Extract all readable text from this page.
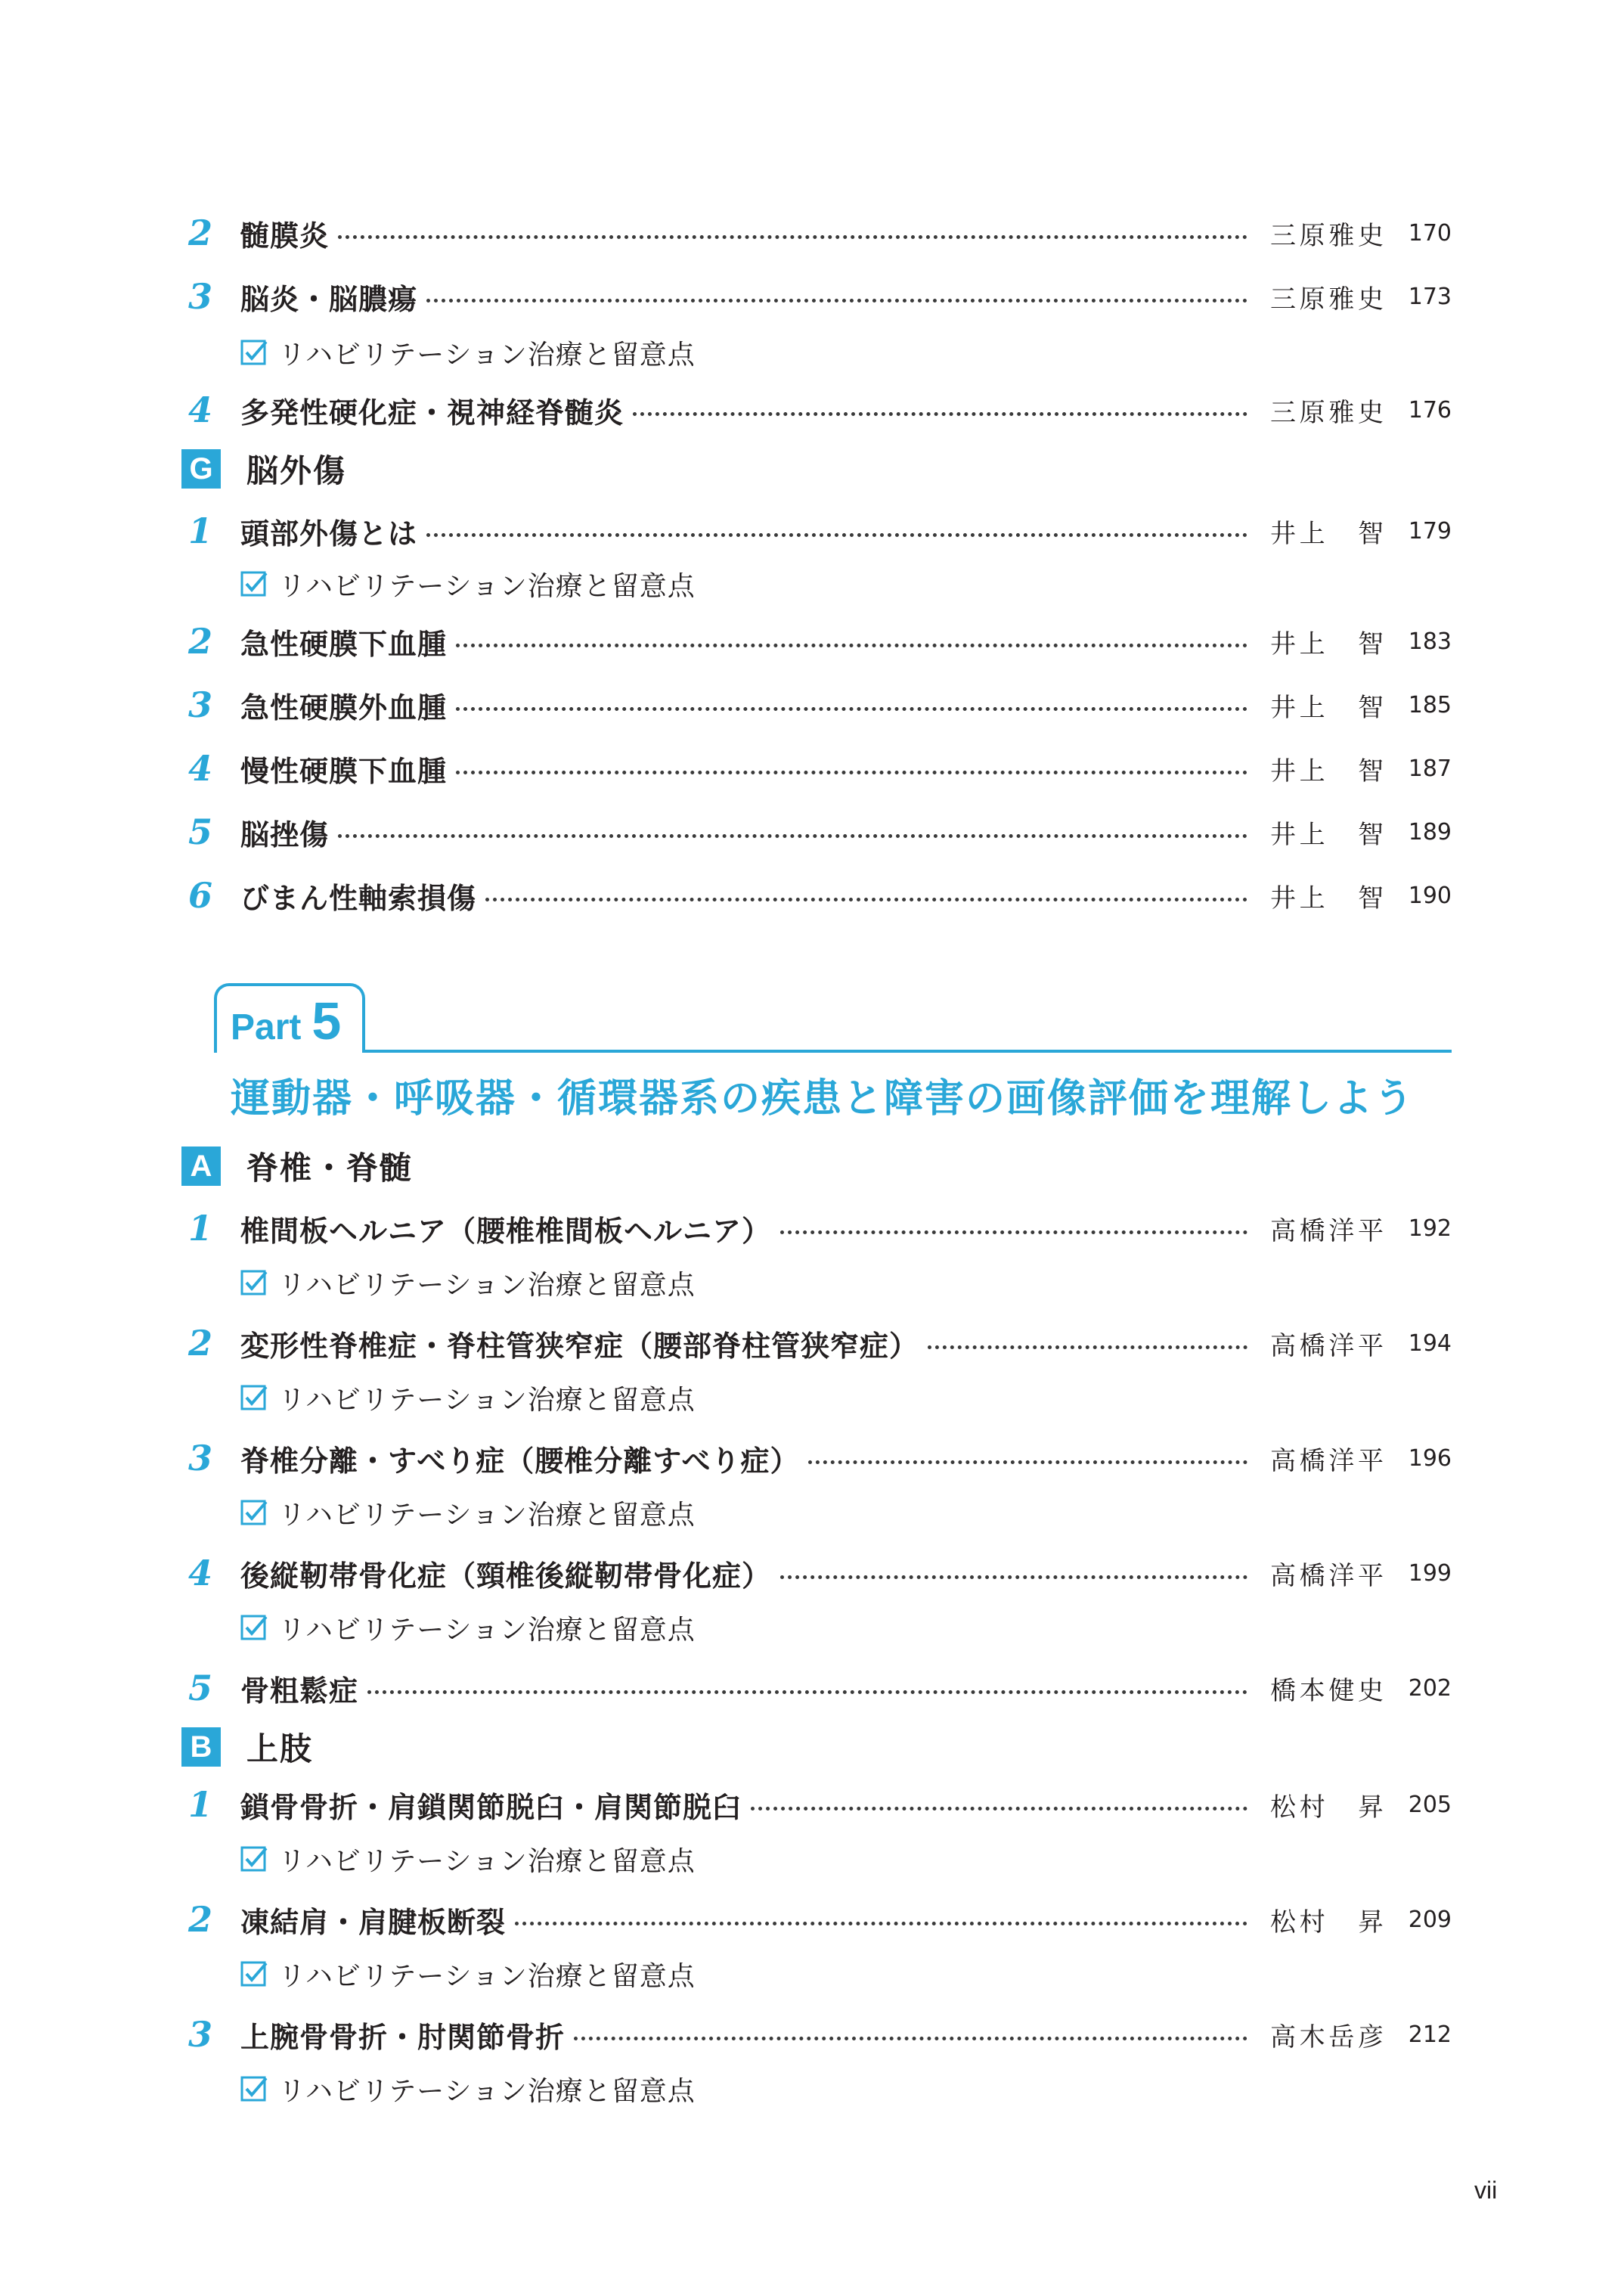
2 髄膜炎	三原雅史	170
3 脳炎・脳膿瘍	三原雅史	173
リハビリテーション治療と留意点
4 多発性硬化症・視神経脊髄炎	三原雅史	176
G 脳外傷
1 頭部外傷とは	井上　智	179
リハビリテーション治療と留意点
2 急性硬膜下血腫	井上　智	183
3 急性硬膜外血腫	井上　智	185
4 慢性硬膜下血腫	井上　智	187
5 脳挫傷	井上　智	189
6 びまん性軸索損傷	井上　智	190
Part 5
運動器・呼吸器・循環器系の疾患と障害の画像評価を理解しよう
A 脊椎・脊髄
1 椎間板ヘルニア（腰椎椎間板ヘルニア）	高橋洋平	192
リハビリテーション治療と留意点
2 変形性脊椎症・脊柱管狭窄症（腰部脊柱管狭窄症）	高橋洋平	194
リハビリテーション治療と留意点
3 脊椎分離・すべり症（腰椎分離すべり症）	高橋洋平	196
リハビリテーション治療と留意点
4 後縦靭帯骨化症（頸椎後縦靭帯骨化症）	高橋洋平	199
リハビリテーション治療と留意点
5 骨粗鬆症	橋本健史	202
B 上肢
1 鎖骨骨折・肩鎖関節脱臼・肩関節脱臼	松村　昇	205
リハビリテーション治療と留意点
2 凍結肩・肩腱板断裂	松村　昇	209
リハビリテーション治療と留意点
3 上腕骨骨折・肘関節骨折	高木岳彦	212
リハビリテーション治療と留意点
vii
